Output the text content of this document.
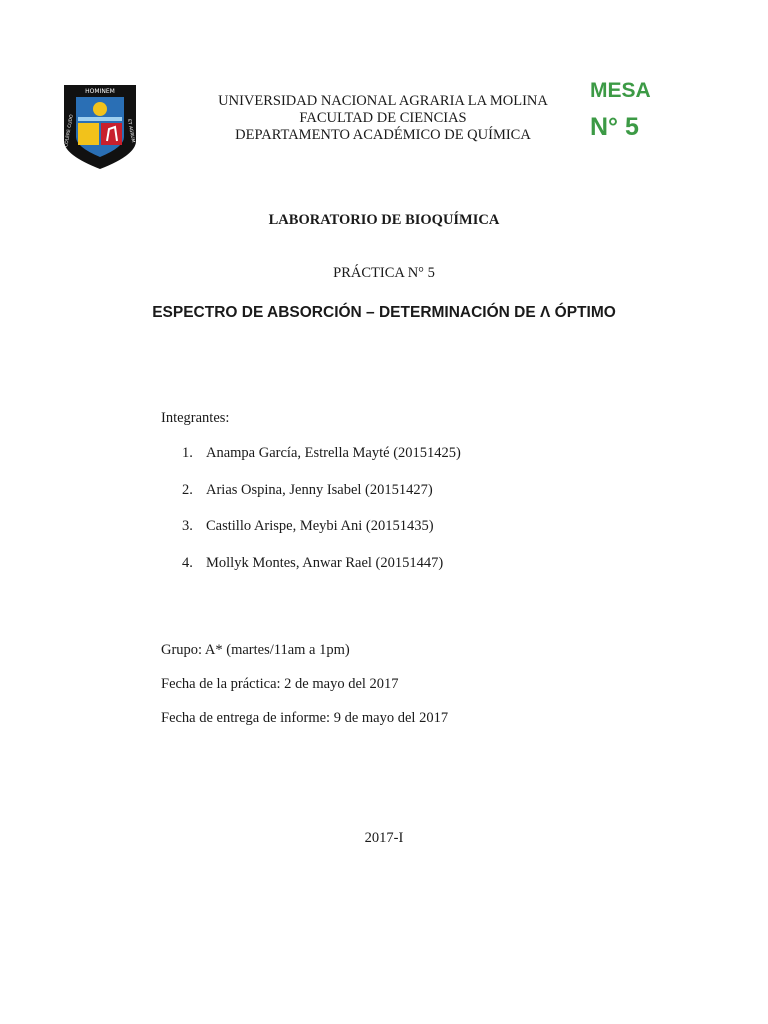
HOMINEM
COLERE CUDO	ET AGRUM
UNIVERSIDAD NACIONAL AGRARIA LA MOLINA
FACULTAD DE CIENCIAS
DEPARTAMENTO ACADÉMICO DE QUÍMICA
MESA
N° 5
LABORATORIO DE BIOQUÍMICA
PRÁCTICA N° 5
ESPECTRO DE ABSORCIÓN – DETERMINACIÓN DE Λ ÓPTIMO
Integrantes:
1. Anampa García, Estrella Mayté (20151425)
2. Arias Ospina, Jenny Isabel (20151427)
3. Castillo Arispe, Meybi Ani (20151435)
4. Mollyk Montes, Anwar Rael (20151447)
Grupo: A* (martes/11am a 1pm)
Fecha de la práctica: 2 de mayo del 2017
Fecha de entrega de informe: 9 de mayo del 2017
2017-I
